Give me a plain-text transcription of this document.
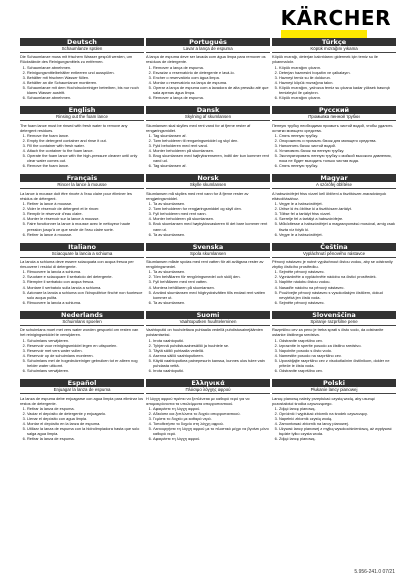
KÄRCHER
Deutsch
Schaumlanze spülen

Die Schaumlanze muss mit frischem Wasser gespült werden, um Rückstände des Reinigungsmittels zu entfernen.

1. Schaumlanze abnehmen.
2. Reinigungsmittelbehälter entleeren und ausspülen.
3. Behälter mit frischem Wasser füllen.
4. Behälter an die Schaumlanze montieren.
5. Schaumlanze mit dem Hochdruckreiniger betreiben, bis nur noch klares Wasser austritt.
6. Schaumlanze abnehmen.
English
Rinsing out the foam lance

The foam lance must be rinsed with fresh water to remove any detergent residues.

1. Remove the foam lance.
2. Empty the detergent container and rinse it out.
3. Fill the container with fresh water.
4. Attach the container to the foam lance.
5. Operate the foam lance with the high-pressure cleaner until only clear water comes out.
6. Remove the foam lance.
Français
Rincer la lance à mousse

La lance à mousse doit être rincée à l'eau claire pour éliminer les résidus de détergent.

1. Retirer la lance à mousse.
2. Vider le réservoir de détergent et le rincer.
3. Remplir le réservoir d'eau claire.
4. Monter le réservoir sur la lance à mousse.
5. Faire fonctionner la lance à mousse avec le nettoyeur haute pression jusqu'à ce que seule de l'eau claire sorte.
6. Retirer la lance à mousse.
Italiano
Sciacquare la lancia a schiuma

La lancia a schiuma deve essere sciacquata con acqua fresca per rimuovere i residui di detergente.

1. Rimuovere la lancia a schiuma.
2. Svuotare e sciacquare il serbatoio del detergente.
3. Riempire il serbatoio con acqua fresca.
4. Montare il serbatoio sulla lancia a schiuma.
5. Azionare la lancia a schiuma con l'idropulitrice finché non fuoriesce solo acqua pulita.
6. Rimuovere la lancia a schiuma.
Nederlands
Schuimlans spoelen

De schuimlans moet met vers water worden gespoeld om resten van het reinigingsmiddel te verwijderen.

1. Schuimlans verwijderen.
2. Reservoir voor reinigingsmiddel legen en uitspoelen.
3. Reservoir met vers water vullen.
4. Reservoir op de schuimlans monteren.
5. Schuimlans met de hogedrukreiniger gebruiken tot er alleen nog helder water uitkomt.
6. Schuimlans verwijderen.
Español
Enjuagar la lanza de espuma

La lanza de espuma debe enjuagarse con agua limpia para eliminar los restos de detergente.

1. Retirar la lanza de espuma.
2. Vaciar el depósito de detergente y enjuagarlo.
3. Llenar el depósito con agua limpia.
4. Montar el depósito en la lanza de espuma.
5. Utilizar la lanza de espuma con la hidrolimpiadora hasta que solo salga agua limpia.
6. Retirar la lanza de espuma.
Português
Lavar a lança de espuma

A lança de espuma deve ser lavada com água limpa para remover os resíduos de detergente.

1. Remover a lança de espuma.
2. Esvaziar o reservatório de detergente e lavá-lo.
3. Encher o reservatório com água limpa.
4. Montar o reservatório na lança de espuma.
5. Operar a lança de espuma com a lavadora de alta pressão até que saia apenas água limpa.
6. Remover a lança de espuma.
Dansk
Skylning af skumlansen

Skumlansen skal skylles med rent vand for at fjerne rester af rengøringsmidlet.

1. Tag skumlansen af.
2. Tøm beholderen til rengøringsmiddel og skyl den.
3. Fyld beholderen med rent vand.
4. Monter beholderen på skumlansen.
5. Brug skumlansen med højtryksrenseren, indtil der kun kommer rent vand ud.
6. Tag skumlansen af.
Norsk
Skylle skumlansen

Skumlansen må skylles med rent vann for å fjerne rester av rengjøringsmiddel.

1. Ta av skumlansen.
2. Tøm beholderen for rengjøringsmiddel og skyll den.
3. Fyll beholderen med rent vann.
4. Monter beholderen på skumlansen.
5. Bruk skumlansen med høytrykksvaskeren til det bare kommer rent vann ut.
6. Ta av skumlansen.
Svenska
Spola skumlansen

Skumlansen måste spolas med rent vatten för att avlägsna rester av rengöringsmedel.

1. Ta av skumlansen.
2. Töm behållaren för rengöringsmedel och skölj den.
3. Fyll behållaren med rent vatten.
4. Montera behållaren på skumlansen.
5. Använd skumlansen med högtryckstvätten tills endast rent vatten kommer ut.
6. Ta av skumlansen.
Suomi
Vaahtoputken huuhteleminen

Vaahtoputki on huuhdeltava puhtaalla vedellä puhdistusainejäämien poistamiseksi.

1. Irrota vaahtoputki.
2. Tyhjennä puhdistusainesäiliö ja huuhtele se.
3. Täytä säiliö puhtaalla vedellä.
4. Asenna säiliö vaahtoputkeen.
5. Käytä vaahtoputkea painepesurin kanssa, kunnes ulos tulee vain puhdasta vettä.
6. Irrota vaahtoputki.
Ελληνικά
Πλύσιμο λόγχης αφρού

Η λόγχη αφρού πρέπει να ξεπλένεται με καθαρό νερό για να απομακρύνονται τα υπολείμματα απορρυπαντικού.

1. Αφαιρέστε τη λόγχη αφρού.
2. Αδειάστε και ξεπλύνετε το δοχείο απορρυπαντικού.
3. Γεμίστε το δοχείο με καθαρό νερό.
4. Τοποθετήστε το δοχείο στη λόγχη αφρού.
5. Λειτουργήστε τη λόγχη αφρού με το πλυστικό μέχρι να βγαίνει μόνο καθαρό νερό.
6. Αφαιρέστε τη λόγχη αφρού.
Türkçe
Köpük mızrağını yıkama

Köpük mızrağı, deterjan kalıntılarını gidermek için temiz su ile yıkanmalıdır.

1. Köpük mızrağını çıkarın.
2. Deterjan haznesini boşaltın ve çalkalayın.
3. Hazneyi temiz su ile doldurun.
4. Hazneyi köpük mızrağına takın.
5. Köpük mızrağını, yalnızca temiz su çıkana kadar yüksek basınçlı temizleyici ile çalıştırın.
6. Köpük mızrağını çıkarın.
Русский
Промывка пенной трубки

Пенную трубку необходимо промыть чистой водой, чтобы удалить остатки моющего средства.

1. Снять пенную трубку.
2. Опорожнить и промыть бачок для моющего средства.
3. Наполнить бачок чистой водой.
4. Установить бачок на пенную трубку.
5. Эксплуатировать пенную трубку с мойкой высокого давления, пока не будет выходить только чистая вода.
6. Снять пенную трубку.
Magyar
A szórófej öblítése

A habszórófejet friss vízzel kell öblíteni a tisztítószer-maradványok eltávolításához.

1. Vegye le a habszórófejet.
2. Ürítse ki és öblítse ki a tisztítószer-tartályt.
3. Töltse fel a tartályt friss vízzel.
4. Szerelje fel a tartályt a habszórófejre.
5. Működtesse a habszórófejet a magasnyomású mosóval, amíg csak tiszta víz folyik ki.
6. Vegye le a habszórófejet.
Čeština
Vypláchnutí pěnového nástavce

Pěnový nástavec je nutné vypláchnout čistou vodou, aby se odstranily zbytky čisticího prostředku.

1. Sejměte pěnový nástavec.
2. Vyprázdněte a vypláchněte nádobu na čisticí prostředek.
3. Naplňte nádobu čistou vodou.
4. Nasaďte nádobu na pěnový nástavec.
5. Používejte pěnový nástavec s vysokotlakým čističem, dokud nevytéká jen čistá voda.
6. Sejměte pěnový nástavec.
Slovenščina
Spiranje razpršilne pene

Razpršilno cev za peno je treba sprati s čisto vodo, da odstranite ostanke čistilnega sredstva.

1. Odstranite razpršilno cev.
2. Izpraznite in sperite posodo za čistilno sredstvo.
3. Napolnite posodo s čisto vodo.
4. Namestite posodo na razpršilno cev.
5. Uporabljajte razpršilno cev z visokotlačnim čistilnikom, dokler ne priteče le čista voda.
6. Odstranite razpršilno cev.
Polski
Płukanie lancy pianowej

Lancę pianową należy przepłukać czystą wodą, aby usunąć pozostałości środka czyszczącego.

1. Zdjąć lancę pianową.
2. Opróżnić i wypłukać zbiornik na środek czyszczący.
3. Napełnić zbiornik czystą wodą.
4. Zamontować zbiornik na lancy pianowej.
5. Używać lancy pianowej z myjką wysokociśnieniową, aż wypływać będzie tylko czysta woda.
6. Zdjąć lancę pianową.
5.956-241.0 07/21
